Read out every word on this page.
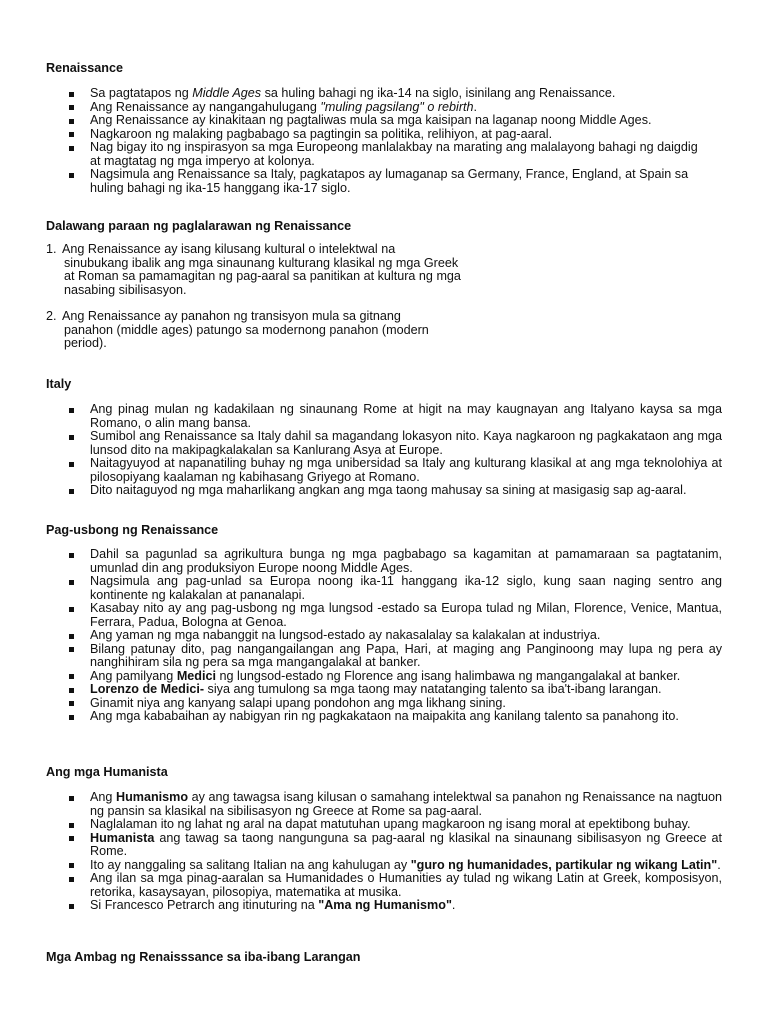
Renaissance
Sa pagtatapos ng Middle Ages sa huling bahagi ng ika-14 na siglo, isinilang ang Renaissance.
Ang Renaissance ay nangangahulugang "muling pagsilang" o rebirth.
Ang Renaissance ay kinakitaan ng pagtaliwas mula sa mga kaisipan na laganap noong Middle Ages.
Nagkaroon ng malaking pagbabago sa pagtingin sa politika, relihiyon, at pag-aaral.
Nag bigay ito ng inspirasyon sa mga Europeong manlalakbay na marating ang malalayong bahagi ng daigdig at magtatag ng mga imperyo at kolonya.
Nagsimula ang Renaissance sa Italy, pagkatapos ay lumaganap sa Germany, France, England, at Spain sa huling bahagi ng ika-15 hanggang ika-17 siglo.
Dalawang paraan ng paglalarawan ng Renaissance
1. Ang Renaissance ay isang kilusang kultural o intelektwal na
sinubukang ibalik ang mga sinaunang kulturang klasikal ng mga Greek at Roman sa pamamagitan ng pag-aaral sa panitikan at kultura ng mga nasabing sibilisasyon.
2. Ang Renaissance ay panahon ng transisyon mula sa gitnang
panahon (middle ages) patungo sa modernong panahon (modern period).
Italy
Ang pinag mulan ng kadakilaan ng sinaunang Rome at higit na may kaugnayan ang Italyano kaysa sa mga Romano, o alin mang bansa.
Sumibol ang Renaissance sa Italy dahil sa magandang lokasyon nito. Kaya nagkaroon ng pagkakataon ang mga lunsod dito na makipagkalakalan sa Kanlurang Asya at Europe.
Naitagyuyod at napanatiling buhay ng mga unibersidad sa Italy ang kulturang klasikal at ang mga teknolohiya at pilosopiyang kaalaman ng kabihasang Griyego at Romano.
Dito naitaguyod ng mga maharlikang angkan ang mga taong mahusay sa sining at masigasig sap ag-aaral.
Pag-usbong ng Renaissance
Dahil sa pagunlad sa agrikultura bunga ng mga pagbabago sa kagamitan at pamamaraan sa pagtatanim, umunlad din ang produksiyon Europe noong Middle Ages.
Nagsimula ang pag-unlad sa Europa noong ika-11 hanggang ika-12 siglo, kung saan naging sentro ang kontinente ng kalakalan at pananalapi.
Kasabay nito ay ang pag-usbong ng mga lungsod -estado sa Europa tulad ng Milan, Florence, Venice, Mantua, Ferrara, Padua, Bologna at Genoa.
Ang yaman ng mga nabanggit na lungsod-estado ay nakasalalay sa kalakalan at industriya.
Bilang patunay dito, pag nangangailangan ang Papa, Hari, at maging ang Panginoong may lupa ng pera ay nanghihiram sila ng pera sa mga mangangalakal at banker.
Ang pamilyang Medici ng lungsod-estado ng Florence ang isang halimbawa ng mangangalakal at banker.
Lorenzo de Medici- siya ang tumulong sa mga taong may natatanging talento sa iba't-ibang larangan.
Ginamit niya ang kanyang salapi upang pondohon ang mga likhang sining.
Ang mga kababaihan ay nabigyan rin ng pagkakataon na maipakita ang kanilang talento sa panahong ito.
Ang mga Humanista
Ang Humanismo ay ang tawagsa isang kilusan o samahang intelektwal sa panahon ng Renaissance na nagtuon ng pansin sa klasikal na sibilisasyon ng Greece at Rome sa pag-aaral.
Naglalaman ito ng lahat ng aral na dapat matutuhan upang magkaroon ng isang moral at epektibong buhay.
Humanista ang tawag sa taong nangunguna sa pag-aaral ng klasikal na sinaunang sibilisasyon ng Greece at Rome.
Ito ay nanggaling sa salitang Italian na ang kahulugan ay "guro ng humanidades, partikular ng wikang Latin".
Ang ilan sa mga pinag-aaralan sa Humanidades o Humanities ay tulad ng wikang Latin at Greek, komposisyon, retorika, kasaysayan, pilosopiya, matematika at musika.
Si Francesco Petrarch ang itinuturing na "Ama ng Humanismo".
Mga Ambag ng Renaisssance sa iba-ibang Larangan
